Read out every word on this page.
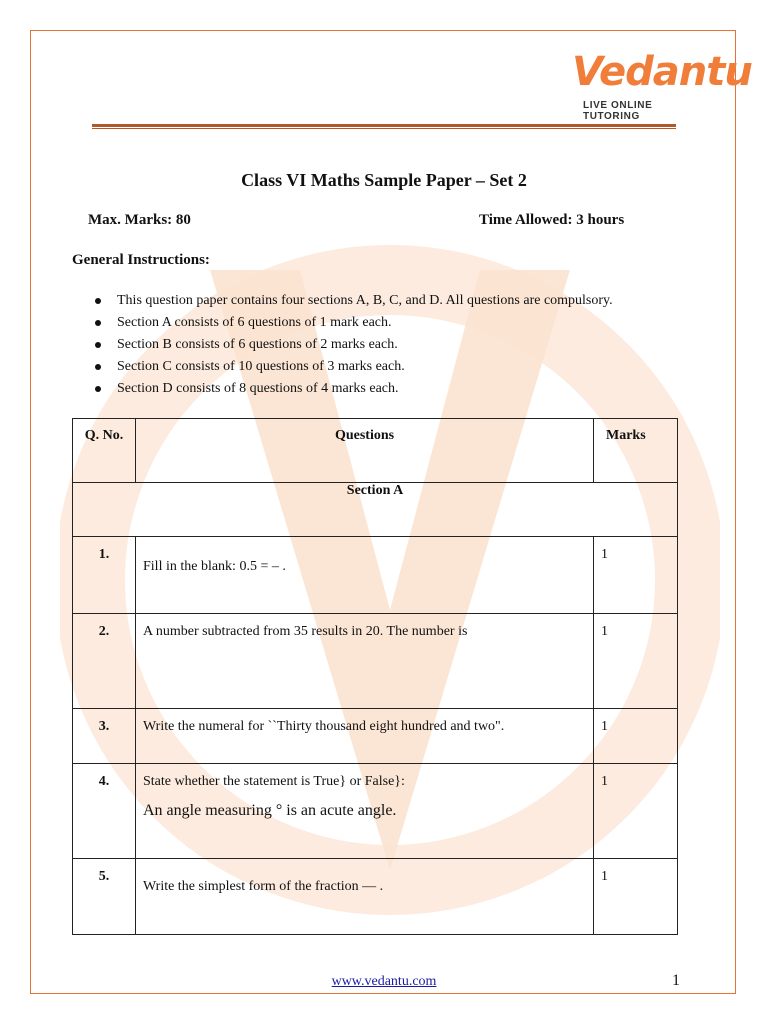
Vedantu
LIVE ONLINE TUTORING
Class VI Maths Sample Paper – Set 2
Max. Marks: 80	Time Allowed: 3 hours
General Instructions:
This question paper contains four sections A, B, C, and D. All questions are compulsory.
Section A consists of 6 questions of 1 mark each.
Section B consists of 6 questions of 2 marks each.
Section C consists of 10 questions of 3 marks each.
Section D consists of 8 questions of 4 marks each.
Q. No.	Questions	Marks
Section A		
1.	Fill in the blank: 0.5 = – .	1
2.	A number subtracted from 35 results in 20. The number is	1
3.	Write the numeral for ``Thirty thousand eight hundred and two".	1
4.	State whether the statement is True} or False}:
An angle measuring ° is an acute angle.	1
5.	Write the simplest form of the fraction — .	1
www.vedantu.com	1
